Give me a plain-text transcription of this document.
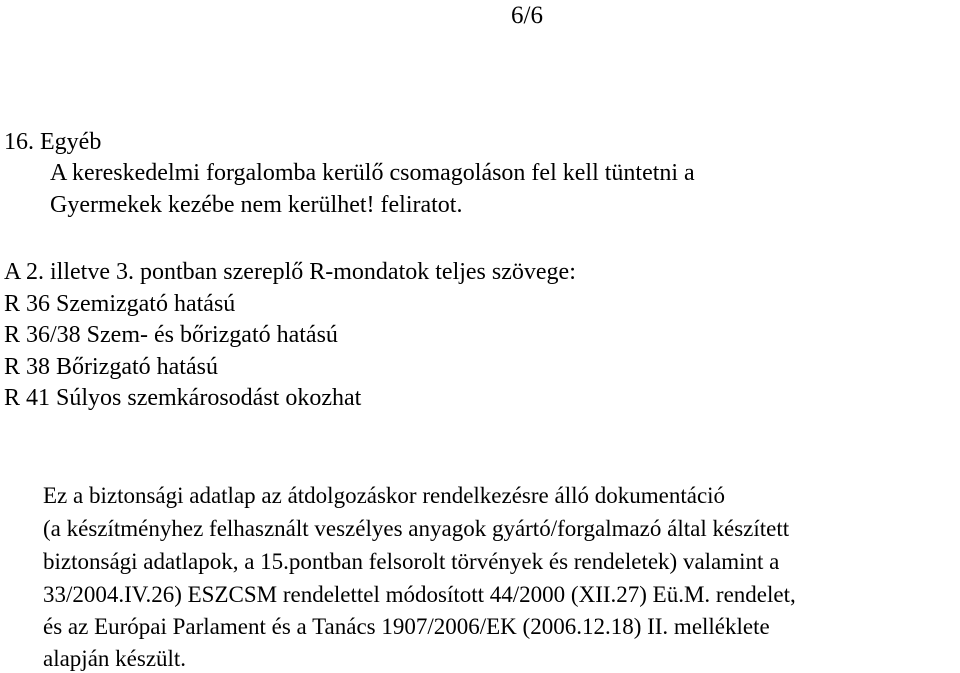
6/6
16. Egyéb
A kereskedelmi forgalomba kerülő csomagoláson fel kell tüntetni a
Gyermekek kezébe nem kerülhet! feliratot.
A 2. illetve 3. pontban szereplő R-mondatok teljes szövege:
R 36 Szemizgató hatású
R 36/38 Szem- és bőrizgató hatású
R 38 Bőrizgató hatású
R 41 Súlyos szemkárosodást okozhat
Ez a biztonsági adatlap az átdolgozáskor rendelkezésre álló dokumentáció
(a készítményhez felhasznált veszélyes anyagok gyártó/forgalmazó által készített
biztonsági adatlapok, a 15.pontban felsorolt törvények és rendeletek) valamint a
33/2004.IV.26) ESZCSM rendelettel módosított 44/2000 (XII.27) Eü.M. rendelet,
és az Európai Parlament és a Tanács 1907/2006/EK (2006.12.18) II. melléklete
alapján készült.
